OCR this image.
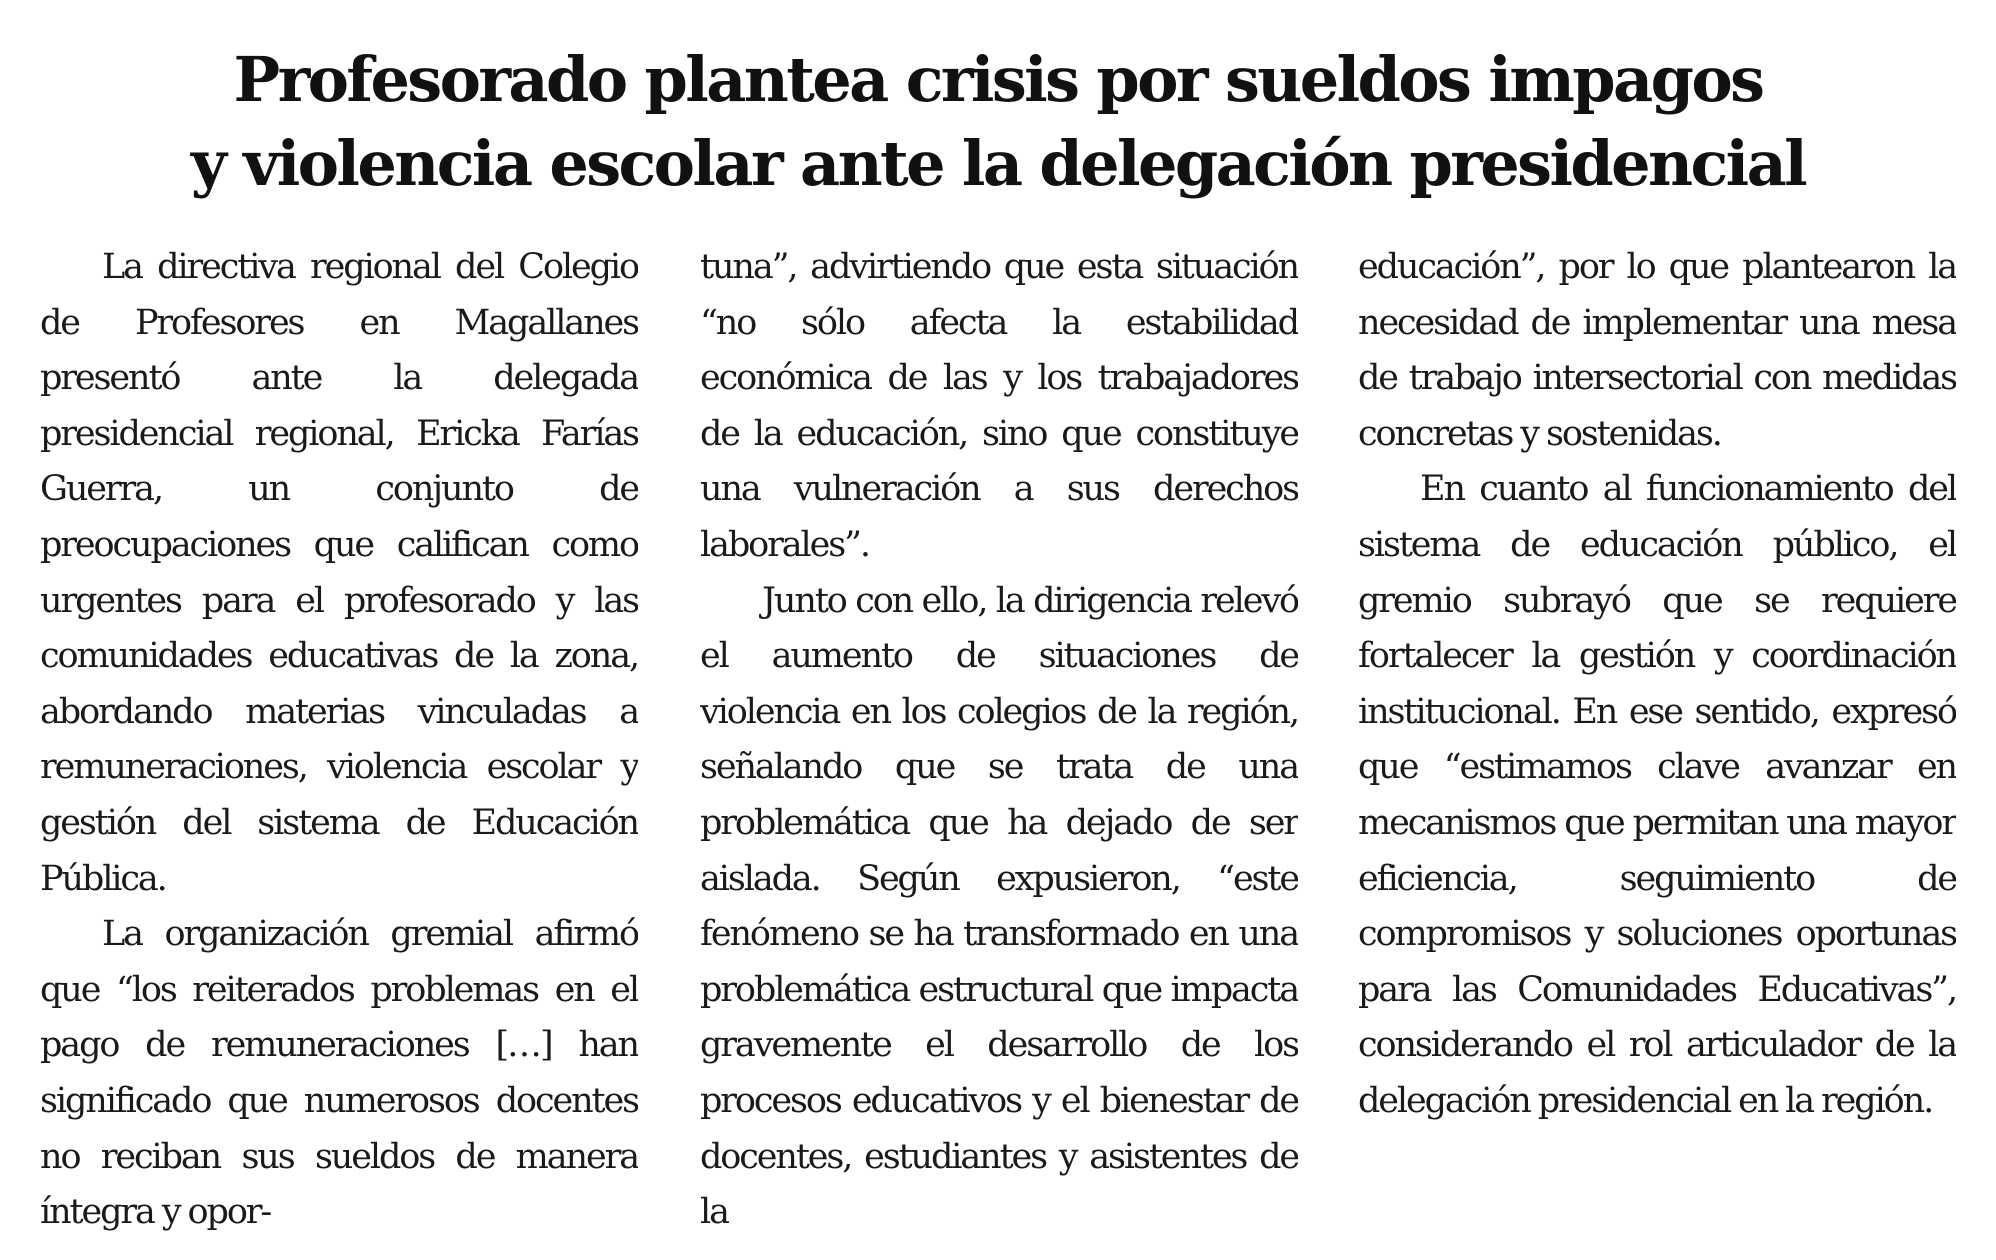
Profesorado plantea crisis por sueldos impagos
y violencia escolar ante la delegación presidencial

La directiva regional del Colegio de Profesores en Magallanes presentó ante la delegada presidencial regional, Ericka Farías Guerra, un conjunto de preocupaciones que califican como urgentes para el profesorado y las comunidades educativas de la zona, abordando materias vinculadas a remuneraciones, violencia escolar y gestión del sistema de Educación Pública.

La organización gremial afirmó que “los reiterados problemas en el pago de remuneraciones […] han significado que numerosos docentes no reciban sus sueldos de manera íntegra y opor-

tuna”, advirtiendo que esta situación “no sólo afecta la estabilidad económica de las y los trabajadores de la educación, sino que constituye una vulneración a sus derechos laborales”.

Junto con ello, la dirigencia relevó el aumento de situaciones de violencia en los colegios de la región, señalando que se trata de una problemática que ha dejado de ser aislada. Según expusieron, “este fenómeno se ha transformado en una problemática estructural que impacta gravemente el desarrollo de los procesos educativos y el bienestar de docentes, estudiantes y asistentes de la

educación”, por lo que plantearon la necesidad de implementar una mesa de trabajo intersectorial con medidas concretas y sostenidas.

En cuanto al funcionamiento del sistema de educación público, el gremio subrayó que se requiere fortalecer la gestión y coordinación institucional. En ese sentido, expresó que “estimamos clave avanzar en mecanismos que permitan una mayor eficiencia, seguimiento de compromisos y soluciones oportunas para las Comunidades Educativas”, considerando el rol articulador de la delegación presidencial en la región.
